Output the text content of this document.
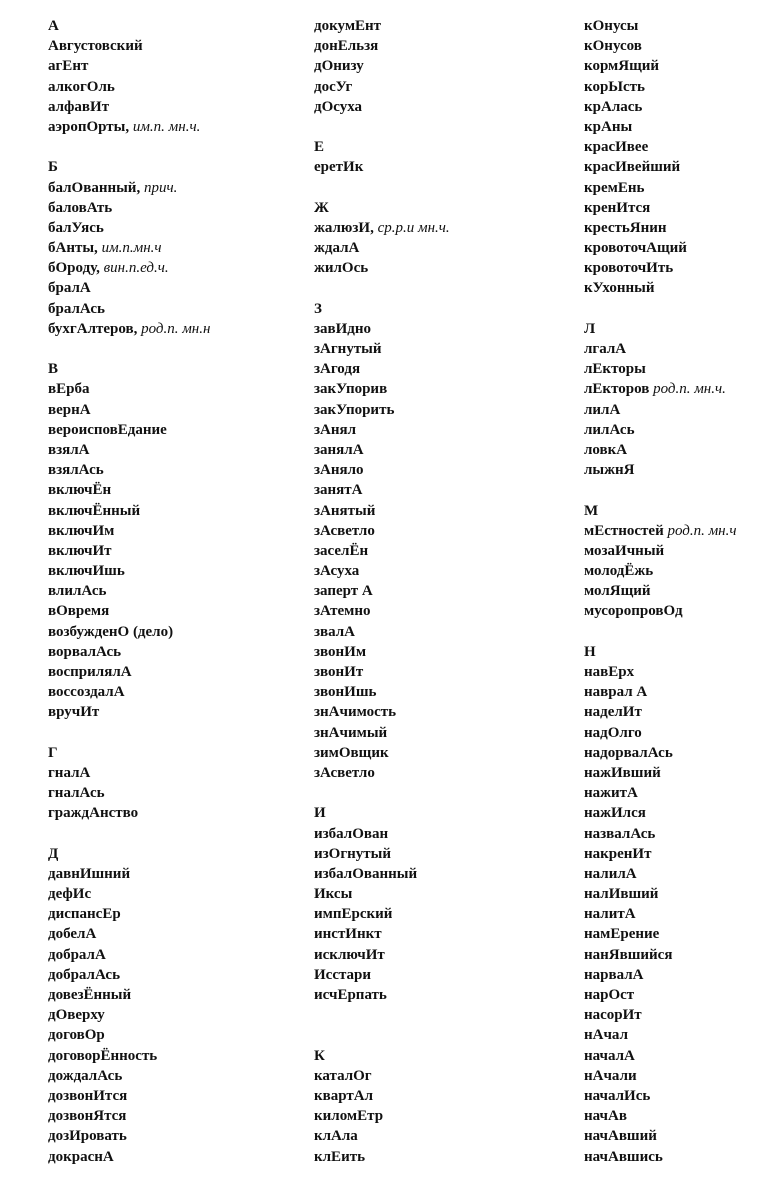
А
Августовский
агЕнт
алкогОль
алфавИт
аэропОрты, им.п. мн.ч.
Б
балОванный, прич.
баловАть
балУясь
бАнты, им.п.мн.ч
бОроду, вин.п.ед.ч.
бралА
бралАсь
бухгАлтеров, род.п. мн.н
В
вЕрба
вернА
вероисповЕдание
взялА
взялАсь
включЁн
включЁнный
включИм
включИт
включИшь
влилАсь
вОвремя
возбужденО (дело)
ворвалАсь
восприлялА
воссоздалА
вручИт
Г
гналА
гналАсь
граждАнство
Д
давнИшний
дефИс
диспансЕр
добелА
добралА
добралАсь
довезЁнный
дОверху
договОр
договорЁнность
дождалАсь
дозвонИтся
дозвонЯтся
дозИровать
докраснА
докумЕнт
донЕльзя
дОнизу
досУг
дОсуха
Е
еретИк
Ж
жалюзИ, ср.р.и мн.ч.
ждалА
жилОсь
З
завИдно
зАгнутый
зАгодя
закУпорив
закУпорить
зАнял
занялА
зАняло
занятА
зАнятый
зАсветло
заселЁн
зАсуха
заперт А
зАтемно
звалА
звонИм
звонИт
звонИшь
знАчимость
знАчимый
зимОвщик
зАсветло
И
избалОван
изОгнутый
избалОванный
Иксы
импЕрский
инстИнкт
исключИт
Исстари
исчЕрпать
К
каталОг
квартАл
киломЕтр
клАла
клЕить
кОнусы
кОнусов
кормЯщий
корЫсть
крАлась
крАны
красИвее
красИвейший
кремЕнь
кренИтся
крестьЯнин
кровоточАщий
кровоточИть
кУхонный
Л
лгалА
лЕкторы
лЕкторов род.п. мн.ч.
лилА
лилАсь
ловкА
лыжнЯ
М
мЕстностей род.п. мн.ч
мозаИчный
молодЁжь
молЯщий
мусоропровОд
Н
навЕрх
наврал А
наделИт
надОлго
надорвалАсь
нажИвший
нажитА
нажИлся
назвалАсь
накренИт
налилА
налИвший
налитА
намЕрение
нанЯвшийся
нарвалА
нарОст
насорИт
нАчал
началА
нАчали
началИсь
начАв
начАвший
начАвшись
